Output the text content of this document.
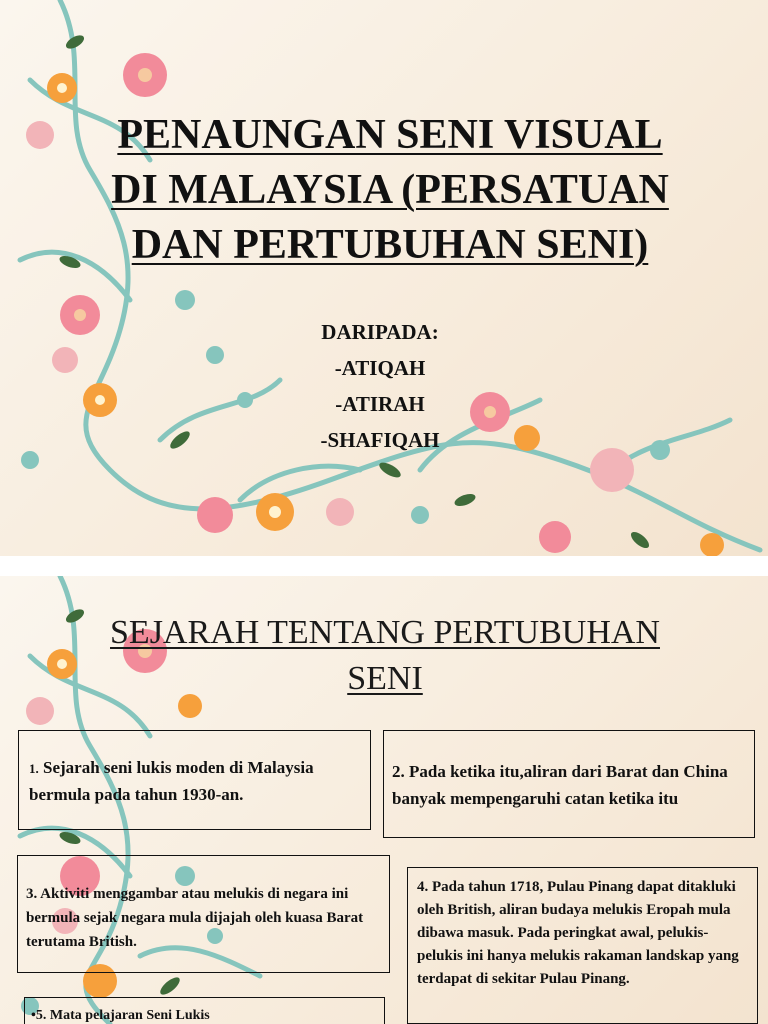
PENAUNGAN SENI VISUAL
DI MALAYSIA (PERSATUAN
DAN PERTUBUHAN SENI)
DARIPADA:
-ATIQAH
-ATIRAH
-SHAFIQAH
SEJARAH TENTANG PERTUBUHAN
SENI
1. Sejarah seni lukis moden di Malaysia bermula pada tahun 1930-an.
2. Pada ketika itu,aliran dari Barat dan China banyak mempengaruhi catan ketika itu
3. Aktiviti menggambar atau melukis di negara ini bermula sejak negara mula dijajah oleh kuasa Barat terutama British.
4. Pada tahun 1718, Pulau Pinang dapat ditakluki oleh British, aliran budaya melukis Eropah mula dibawa masuk. Pada peringkat awal, pelukis-pelukis ini hanya melukis rakaman landskap yang terdapat di sekitar Pulau Pinang.
•5. Mata pelajaran Seni Lukis
